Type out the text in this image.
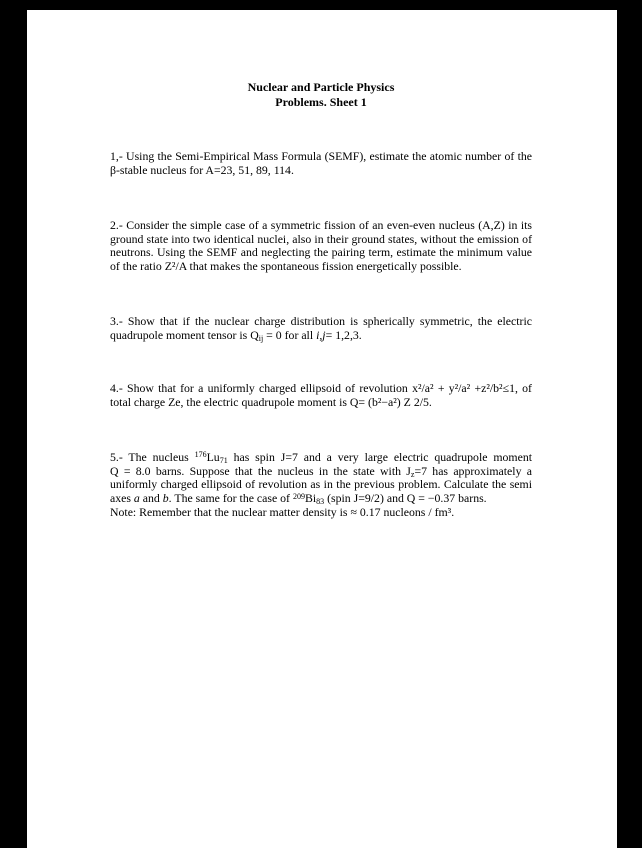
Nuclear and Particle Physics
Problems. Sheet 1
1,- Using the Semi-Empirical Mass Formula (SEMF), estimate the atomic number of the
β-stable nucleus for A=23, 51, 89, 114.
2.- Consider the simple case of a symmetric fission of an even-even nucleus (A,Z) in its
ground state into two identical nuclei, also in their ground states, without the emission of
neutrons. Using the SEMF and neglecting the pairing term, estimate the minimum value
of the ratio Z²/A that makes the spontaneous fission energetically possible.
3.- Show that if the nuclear charge distribution is spherically symmetric, the electric
quadrupole moment tensor is $Q_{ij} = 0$ for all i,j= 1,2,3.
4.- Show that for a uniformly charged ellipsoid of revolution x²/a² + y²/a² +z²/b²≤1, of
total charge Ze, the electric quadrupole moment is Q= (b²−a²) Z 2/5.
5.- The nucleus $^{176}Lu_{71}$ has spin J=7 and a very large electric quadrupole moment
Q = 8.0 barns. Suppose that the nucleus in the state with $J_z=7$ has approximately a
uniformly charged ellipsoid of revolution as in the previous problem. Calculate the semi
axes a and b. The same for the case of $^{209}Bi_{83}$ (spin J=9/2) and Q = −0.37 barns.
Note: Remember that the nuclear matter density is ≈ 0.17 nucleons / fm³.
